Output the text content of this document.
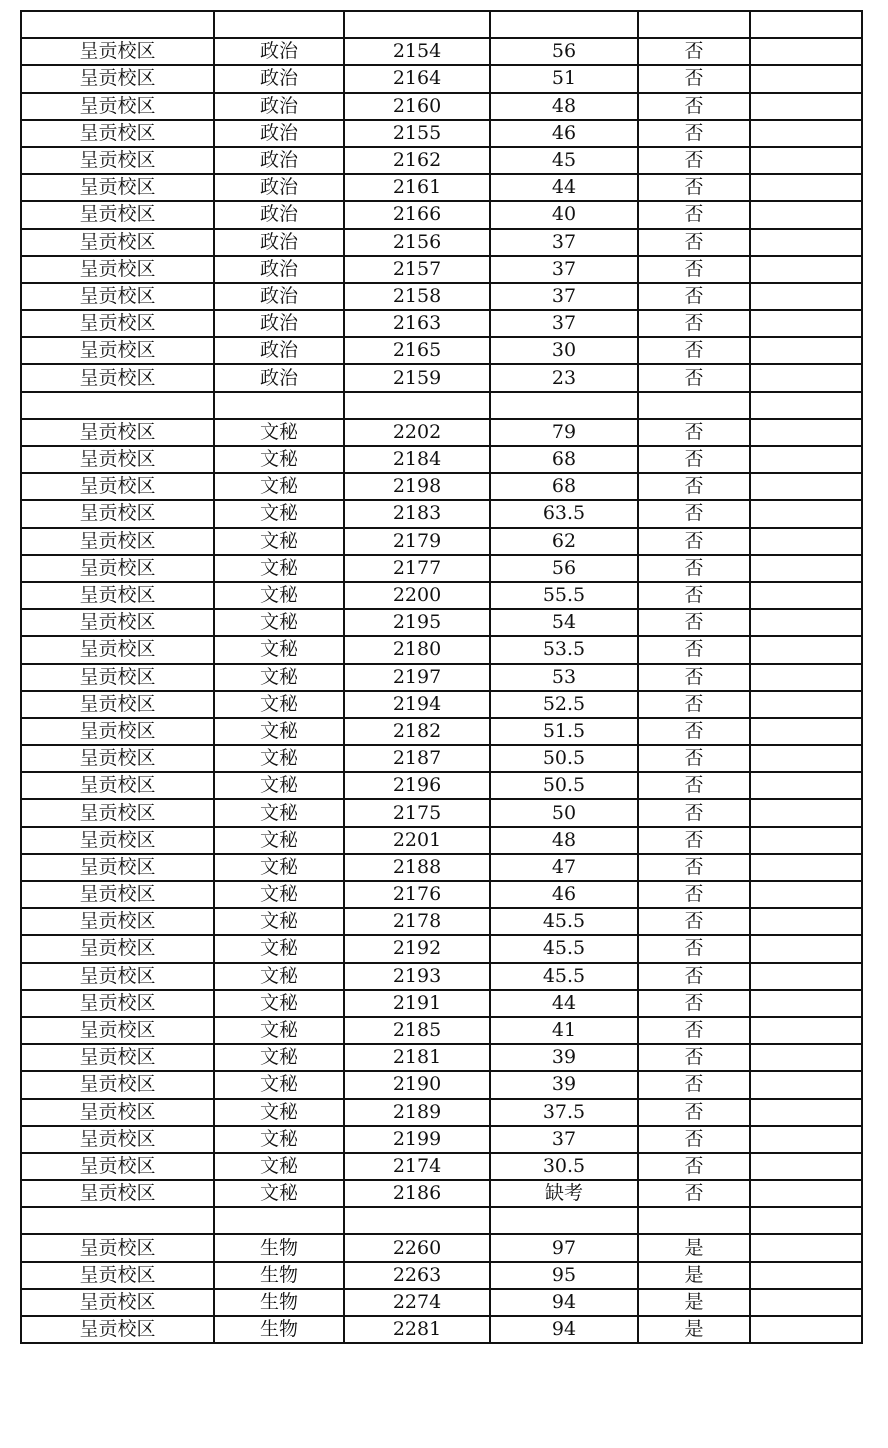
呈贡校区	政治	2154	56	否	
呈贡校区	政治	2164	51	否	
呈贡校区	政治	2160	48	否	
呈贡校区	政治	2155	46	否	
呈贡校区	政治	2162	45	否	
呈贡校区	政治	2161	44	否	
呈贡校区	政治	2166	40	否	
呈贡校区	政治	2156	37	否	
呈贡校区	政治	2157	37	否	
呈贡校区	政治	2158	37	否	
呈贡校区	政治	2163	37	否	
呈贡校区	政治	2165	30	否	
呈贡校区	政治	2159	23	否	

呈贡校区	文秘	2202	79	否	
呈贡校区	文秘	2184	68	否	
呈贡校区	文秘	2198	68	否	
呈贡校区	文秘	2183	63.5	否	
呈贡校区	文秘	2179	62	否	
呈贡校区	文秘	2177	56	否	
呈贡校区	文秘	2200	55.5	否	
呈贡校区	文秘	2195	54	否	
呈贡校区	文秘	2180	53.5	否	
呈贡校区	文秘	2197	53	否	
呈贡校区	文秘	2194	52.5	否	
呈贡校区	文秘	2182	51.5	否	
呈贡校区	文秘	2187	50.5	否	
呈贡校区	文秘	2196	50.5	否	
呈贡校区	文秘	2175	50	否	
呈贡校区	文秘	2201	48	否	
呈贡校区	文秘	2188	47	否	
呈贡校区	文秘	2176	46	否	
呈贡校区	文秘	2178	45.5	否	
呈贡校区	文秘	2192	45.5	否	
呈贡校区	文秘	2193	45.5	否	
呈贡校区	文秘	2191	44	否	
呈贡校区	文秘	2185	41	否	
呈贡校区	文秘	2181	39	否	
呈贡校区	文秘	2190	39	否	
呈贡校区	文秘	2189	37.5	否	
呈贡校区	文秘	2199	37	否	
呈贡校区	文秘	2174	30.5	否	
呈贡校区	文秘	2186	缺考	否	

呈贡校区	生物	2260	97	是	
呈贡校区	生物	2263	95	是	
呈贡校区	生物	2274	94	是	
呈贡校区	生物	2281	94	是	
